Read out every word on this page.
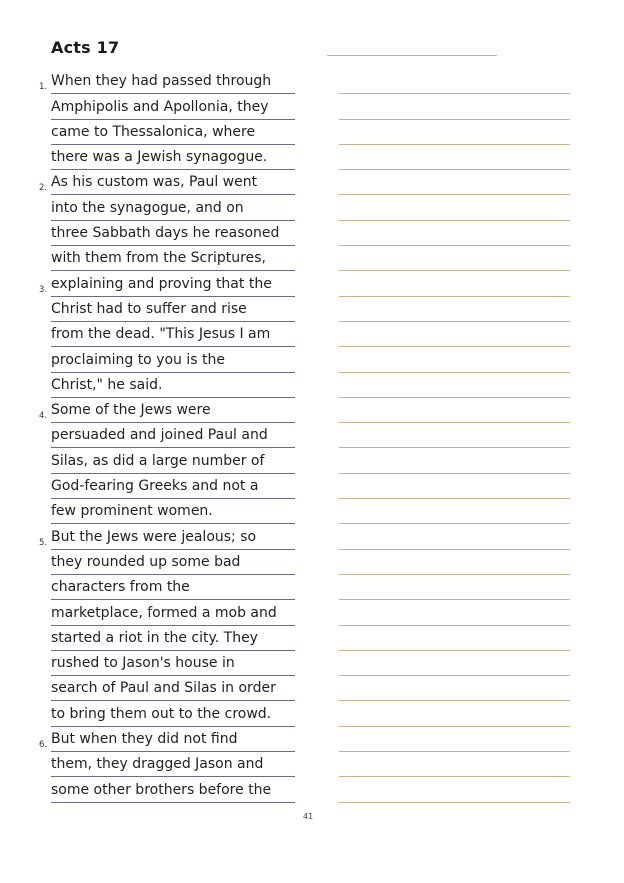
Acts 17
1. When they had passed through
Amphipolis and Apollonia, they
came to Thessalonica, where
there was a Jewish synagogue.
2. As his custom was, Paul went
into the synagogue, and on
three Sabbath days he reasoned
with them from the Scriptures,
3. explaining and proving that the
Christ had to suffer and rise
from the dead. "This Jesus I am
proclaiming to you is the
Christ," he said.
4. Some of the Jews were
persuaded and joined Paul and
Silas, as did a large number of
God-fearing Greeks and not a
few prominent women.
5. But the Jews were jealous; so
they rounded up some bad
characters from the
marketplace, formed a mob and
started a riot in the city. They
rushed to Jason's house in
search of Paul and Silas in order
to bring them out to the crowd.
6. But when they did not find
them, they dragged Jason and
some other brothers before the
41
